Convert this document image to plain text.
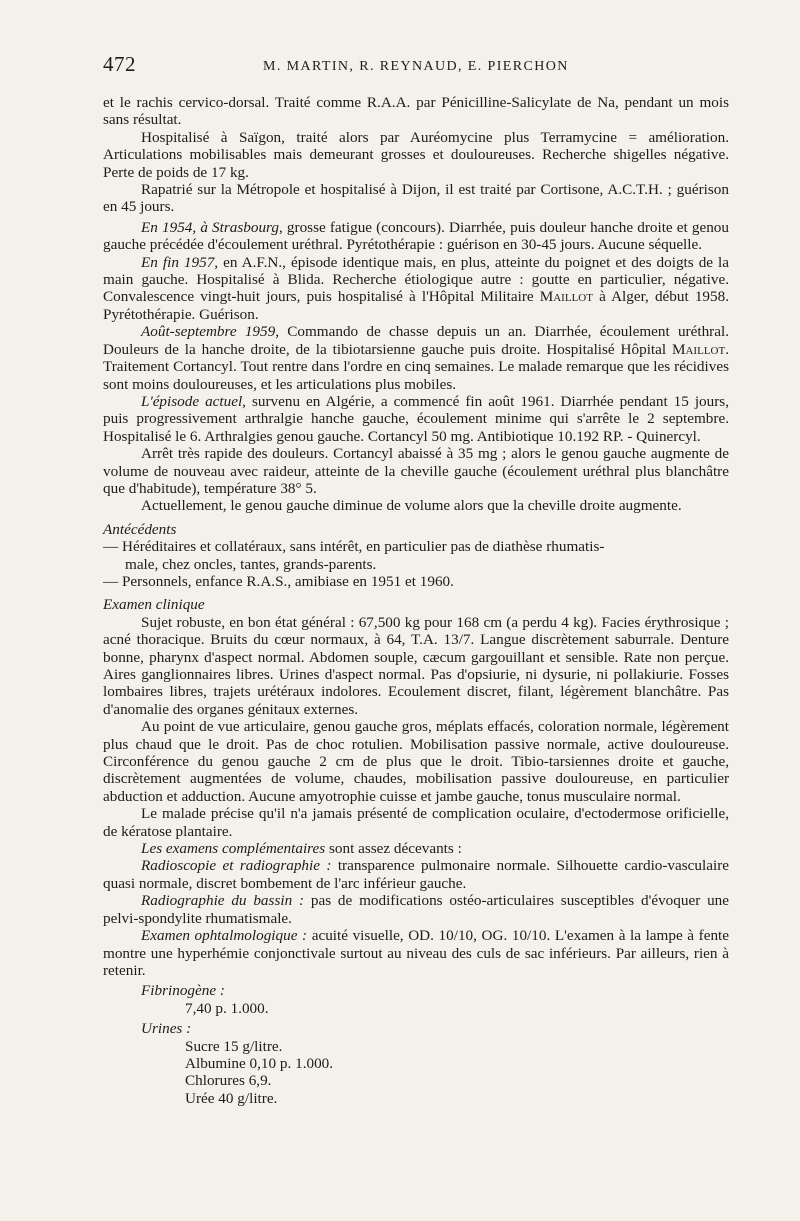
472	M. MARTIN, R. REYNAUD, E. PIERCHON

et le rachis cervico-dorsal. Traité comme R.A.A. par Pénicilline-Salicylate de Na, pendant un mois sans résultat.

Hospitalisé à Saïgon, traité alors par Auréomycine plus Terramycine = amélioration. Articulations mobilisables mais demeurant grosses et douloureuses. Recherche shigelles négative. Perte de poids de 17 kg.

Rapatrié sur la Métropole et hospitalisé à Dijon, il est traité par Cortisone, A.C.T.H. ; guérison en 45 jours.

En 1954, à Strasbourg, grosse fatigue (concours). Diarrhée, puis douleur hanche droite et genou gauche précédée d'écoulement uréthral. Pyrétothérapie : guérison en 30-45 jours. Aucune séquelle.

En fin 1957, en A.F.N., épisode identique mais, en plus, atteinte du poignet et des doigts de la main gauche. Hospitalisé à Blida. Recherche étiologique autre : goutte en particulier, négative. Convalescence vingt-huit jours, puis hospitalisé à l'Hôpital Militaire Maillot à Alger, début 1958. Pyrétothérapie. Guérison.

Août-septembre 1959, Commando de chasse depuis un an. Diarrhée, écoulement uréthral. Douleurs de la hanche droite, de la tibiotarsienne gauche puis droite. Hospitalisé Hôpital Maillot. Traitement Cortancyl. Tout rentre dans l'ordre en cinq semaines. Le malade remarque que les récidives sont moins douloureuses, et les articulations plus mobiles.

L'épisode actuel, survenu en Algérie, a commencé fin août 1961. Diarrhée pendant 15 jours, puis progressivement arthralgie hanche gauche, écoulement minime qui s'arrête le 2 septembre. Hospitalisé le 6. Arthralgies genou gauche. Cortancyl 50 mg. Antibiotique 10.192 RP. - Quinercyl.

Arrêt très rapide des douleurs. Cortancyl abaissé à 35 mg ; alors le genou gauche augmente de volume de nouveau avec raideur, atteinte de la cheville gauche (écoulement uréthral plus blanchâtre que d'habitude), température 38° 5.

Actuellement, le genou gauche diminue de volume alors que la cheville droite augmente.

Antécédents

— Héréditaires et collatéraux, sans intérêt, en particulier pas de diathèse rhumatis-
male, chez oncles, tantes, grands-parents.

— Personnels, enfance R.A.S., amibiase en 1951 et 1960.

Examen clinique

Sujet robuste, en bon état général : 67,500 kg pour 168 cm (a perdu 4 kg). Facies érythrosique ; acné thoracique. Bruits du cœur normaux, à 64, T.A. 13/7. Langue discrètement saburrale. Denture bonne, pharynx d'aspect normal. Abdomen souple, cæcum gargouillant et sensible. Rate non perçue. Aires ganglionnaires libres. Urines d'aspect normal. Pas d'opsiurie, ni dysurie, ni pollakiurie. Fosses lombaires libres, trajets urétéraux indolores. Ecoulement discret, filant, légèrement blanchâtre. Pas d'anomalie des organes génitaux externes.

Au point de vue articulaire, genou gauche gros, méplats effacés, coloration normale, légèrement plus chaud que le droit. Pas de choc rotulien. Mobilisation passive normale, active douloureuse. Circonférence du genou gauche 2 cm de plus que le droit. Tibio-tarsiennes droite et gauche, discrètement augmentées de volume, chaudes, mobilisation passive douloureuse, en particulier abduction et adduction. Aucune amyotrophie cuisse et jambe gauche, tonus musculaire normal.

Le malade précise qu'il n'a jamais présenté de complication oculaire, d'ectodermose orificielle, de kératose plantaire.

Les examens complémentaires sont assez décevants :

Radioscopie et radiographie : transparence pulmonaire normale. Silhouette cardio-vasculaire quasi normale, discret bombement de l'arc inférieur gauche.

Radiographie du bassin : pas de modifications ostéo-articulaires susceptibles d'évoquer une pelvi-spondylite rhumatismale.

Examen ophtalmologique : acuité visuelle, OD. 10/10, OG. 10/10. L'examen à la lampe à fente montre une hyperhémie conjonctivale surtout au niveau des culs de sac inférieurs. Par ailleurs, rien à retenir.

Fibrinogène :
7,40 p. 1.000.
Urines :
Sucre 15 g/litre.
Albumine 0,10 p. 1.000.
Chlorures 6,9.
Urée 40 g/litre.
